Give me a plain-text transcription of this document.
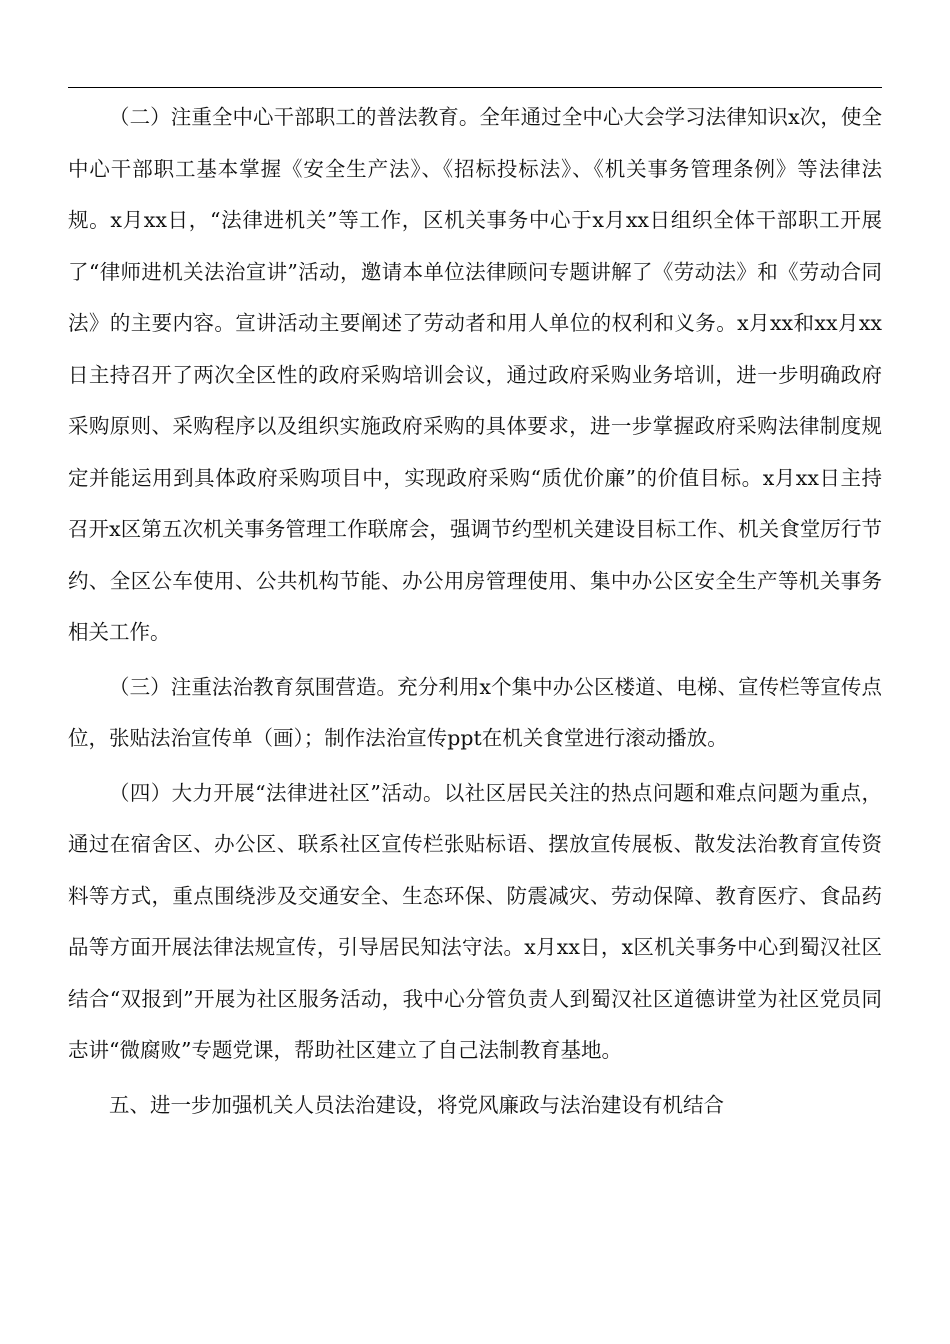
（二）注重全中心干部职工的普法教育。全年通过全中心大会学习法律知识x次，使全中心干部职工基本掌握《安全生产法》、《招标投标法》、《机关事务管理条例》等法律法规。x月xx日，“法律进机关”等工作，区机关事务中心于x月xx日组织全体干部职工开展了“律师进机关法治宣讲”活动，邀请本单位法律顾问专题讲解了《劳动法》和《劳动合同法》的主要内容。宣讲活动主要阐述了劳动者和用人单位的权利和义务。x月xx和xx月xx日主持召开了两次全区性的政府采购培训会议，通过政府采购业务培训，进一步明确政府采购原则、采购程序以及组织实施政府采购的具体要求，进一步掌握政府采购法律制度规定并能运用到具体政府采购项目中，实现政府采购“质优价廉”的价值目标。x月xx日主持召开x区第五次机关事务管理工作联席会，强调节约型机关建设目标工作、机关食堂厉行节约、全区公车使用、公共机构节能、办公用房管理使用、集中办公区安全生产等机关事务相关工作。

（三）注重法治教育氛围营造。充分利用x个集中办公区楼道、电梯、宣传栏等宣传点位，张贴法治宣传单（画）；制作法治宣传ppt在机关食堂进行滚动播放。

（四）大力开展“法律进社区”活动。以社区居民关注的热点问题和难点问题为重点，通过在宿舍区、办公区、联系社区宣传栏张贴标语、摆放宣传展板、散发法治教育宣传资料等方式，重点围绕涉及交通安全、生态环保、防震减灾、劳动保障、教育医疗、食品药品等方面开展法律法规宣传，引导居民知法守法。x月xx日，x区机关事务中心到蜀汉社区结合“双报到”开展为社区服务活动，我中心分管负责人到蜀汉社区道德讲堂为社区党员同志讲“微腐败”专题党课，帮助社区建立了自己法制教育基地。

五、进一步加强机关人员法治建设，将党风廉政与法治建设有机结合
